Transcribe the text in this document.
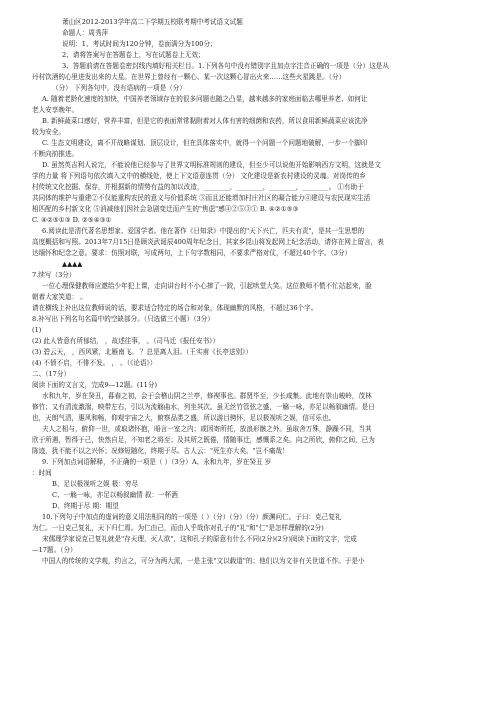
萧山区2012-2013学年高二下学期五校联考期中考试语文试题
命题人：周秀萍
说明：1、考试时间为120分钟，卷面满分为100分；
2、请将答案写在答题卷上，写在试题卷上无效；
3、答题前请在答题卷密封线内填好相关栏目。1.下列各句中没有错别字且加点字注音正确的一项是（分）这是从
丹村饮酒的心里进发出来的大星。在世界上曾经有一颗心、某一次这颗心冒出火来……这些火星跳是。（分）
（分） 下列各句中，没有语病的一项是（分）
A. 随着老龄化速度的加快，中国养老领域存在的很多问题也随之凸显，越来越多的家庭面临去哪里养老、如何让
老人安享晚年。
B. 新鲜蔬菜口感好，营养丰富，但是它的表面常常黏附着对人体有害的细菌和农药，所以食用新鲜蔬菜应该洗净
较为安全。
C. 生态文明建设，离不开战略谋划、顶层设计，但在具体落实中，就得一个问题一个问题地破解，一步一个脚印
不断向前推进。
D. 虽然英吉利人说完，不能说他已经参与了世界文明标准规则的建设，但至少可以说他开始影响西方文明，这就是文
学的力量 将下列语句依次填入文中的横线处，使上下文语意连贯（分） 文化建设是新农村建设的灵魂。对岗传的乡
村传统文化挖掘、保存，并根据新的情势有益的加以改造，________，________，________，________。 ①有助于
共同体的维护与重建②不仅能重构农民的意义与价值系统 ③而且还能增加村庄社区的凝合能力④建设与农民现实生活
相匹配的乡村新文化 ⑤消减他们因社会急剧变迁而产生的"焦虑"感④②⑤③① B. ④②①⑤③
C. ④②⑤①③ D. ②⑤④③①
6.阅读此是清代著名思想家、爱国学者。他在著作《日知录》中提出的"天下兴亡，匹夫有责"，是其一生思想的
高度概括和写照。2013年7月15日是顾炎武诞辰400周年纪念日，其家乡昆山将发起网上纪念活动，请你在网上留言，表
达缅怀和纪念之意。要求：仿照对联，写成两句，上下句字数相同，不要求严格对仗，不超过40个字。（3分）
▲▲▲▲
7.续写（3分）
一位心理保健教师应邀给少年犯上课，走向讲台时不小心摔了一跤，引起哄堂大笑。这位教师不慌不忙站起来，脸
朝着大家笑道： 。
请在横线上补出这位教师说的话，要求适合特定的场合和对象，体现幽默的风格，不超过36个字。
8.补写出下列名句名篇中的空缺部分。（只选做三小题）（3分）
(1)
(2) 此人皆意有所郁结， ，故述往事， 。（司马迁《报任安书》）
(3) 碧云天， ，西风紧，北雁南飞。 ？总是离人泪。（王实甫《长亭送别》）
(4) 不愤不启，不悱不发。 ， 。（《论语》）
二、（17分）
阅读下面的文言文，完成9—12题。(11分)
水和九年，岁在癸丑，暮春之初，会于会稽山阴之兰亭，修禊事也。群贤毕至，少长咸集。此地有崇山峻岭，茂林
修竹；又有清流激湍，映带左右，引以为流觞曲水，列坐其次。虽无丝竹管弦之盛，一觞一咏，亦足以畅叙幽情。是日
也，天朗气清，惠风和畅，仰观宇宙之大，俯察品类之盛，所以游目骋怀，足以极视听之娱，信可乐也。
夫人之相与，俯仰一世，或取诸怀抱，晤言一室之内；或因寄所托，放浪形骸之外。虽取舍万殊，静躁不同，当其
欣于所遇，暂得于己，快然自足，不知老之将至；及其所之既倦，情随事迁，感慨系之矣。向之所欣，俯仰之间，已为
陈迹，犹不能不以之兴怀；况修短随化，终期于尽。古人云："死生亦大矣。"岂不痛哉！
9. 下列加点词语解释，不正确的一项是（ ）（3分）A、永和九年，岁在癸丑 岁
：时间
B、足以极视听之娱 极：穷尽
C、一觞一咏，亦足以畅叙幽情 叙：一杯酒
D、终期于尽 期：期望
10.下列句子中加点的虚词的意义用法相同的的一项是（ ）（分）（分）（分）颜渊问仁。子曰：克己复礼
为仁。一日克己复礼，天下归仁焉。为仁由己，而由人乎哉你对孔子的"礼"和"仁"是怎样理解的(2分)
宋儒理学家说克己复礼就是"存天理，灭人欲"，这和孔子的原意有什么不同(2分)(2分)阅读下面的文字，完成
—17题。（分）
中国人的传统的文学观，约言之，可分为两大派，一是主张"文以载道"的；他们以为文非有关世道不作。于是小
